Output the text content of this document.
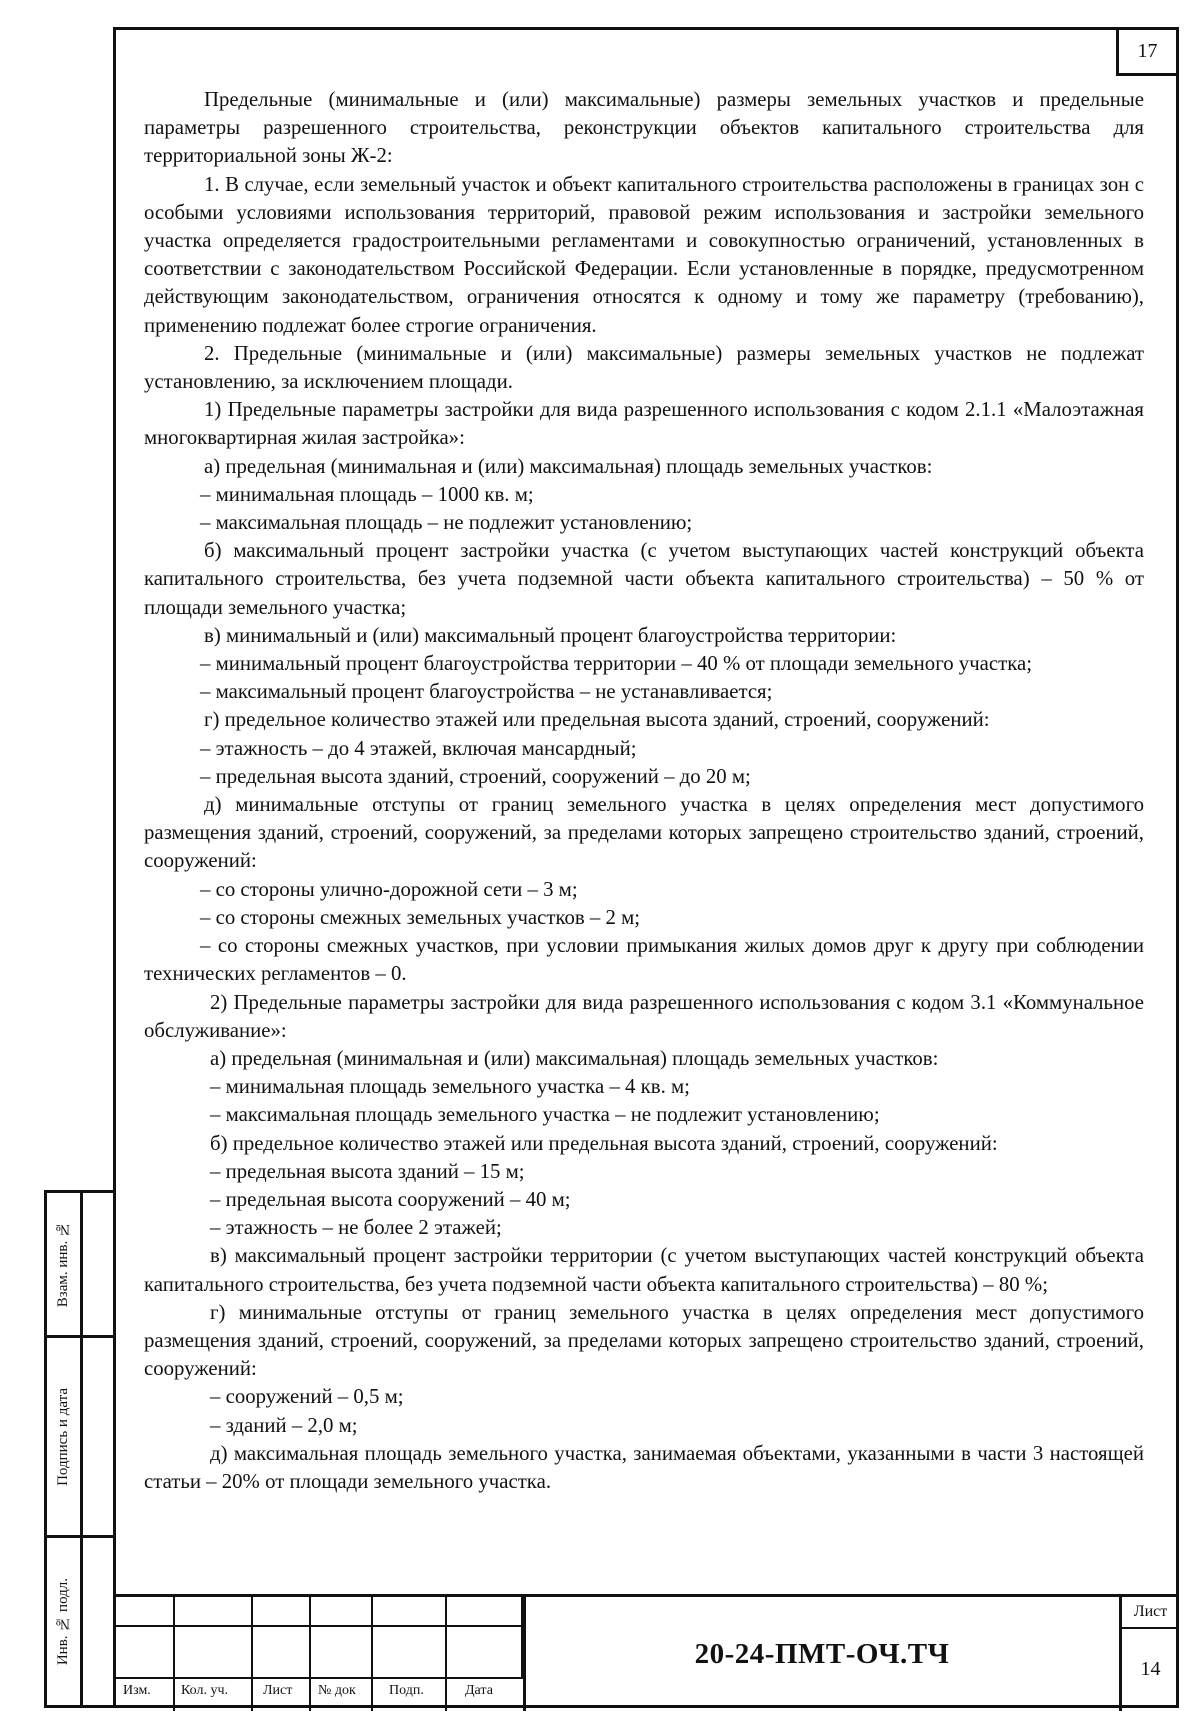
17

Предельные (минимальные и (или) максимальные) размеры земельных участков и предельные параметры разрешенного строительства, реконструкции объектов капитального строительства для территориальной зоны Ж-2:

1. В случае, если земельный участок и объект капитального строительства расположены в границах зон с особыми условиями использования территорий, правовой режим использования и застройки земельного участка определяется градостроительными регламентами и совокупностью ограничений, установленных в соответствии с законодательством Российской Федерации. Если установленные в порядке, предусмотренном действующим законодательством, ограничения относятся к одному и тому же параметру (требованию), применению подлежат более строгие ограничения.

2. Предельные (минимальные и (или) максимальные) размеры земельных участков не подлежат установлению, за исключением площади.

1) Предельные параметры застройки для вида разрешенного использования с кодом 2.1.1 «Малоэтажная многоквартирная жилая застройка»:

а) предельная (минимальная и (или) максимальная) площадь земельных участков:

– минимальная площадь – 1000 кв. м;

– максимальная площадь – не подлежит установлению;

б) максимальный процент застройки участка (с учетом выступающих частей конструкций объекта капитального строительства, без учета подземной части объекта капитального строительства) – 50 % от площади земельного участка;

в) минимальный и (или) максимальный процент благоустройства территории:

– минимальный процент благоустройства территории – 40 % от площади земельного участка;

– максимальный процент благоустройства – не устанавливается;

г) предельное количество этажей или предельная высота зданий, строений, сооружений:

– этажность – до 4 этажей, включая мансардный;

– предельная высота зданий, строений, сооружений – до 20 м;

д) минимальные отступы от границ земельного участка в целях определения мест допустимого размещения зданий, строений, сооружений, за пределами которых запрещено строительство зданий, строений, сооружений:

– со стороны улично-дорожной сети – 3 м;

– со стороны смежных земельных участков – 2 м;

– со стороны смежных участков, при условии примыкания жилых домов друг к другу при соблюдении технических регламентов – 0.

2) Предельные параметры застройки для вида разрешенного использования с кодом 3.1 «Коммунальное обслуживание»:

а) предельная (минимальная и (или) максимальная) площадь земельных участков:

– минимальная площадь земельного участка – 4 кв. м;

– максимальная площадь земельного участка – не подлежит установлению;

б) предельное количество этажей или предельная высота зданий, строений, сооружений:

– предельная высота зданий – 15 м;

– предельная высота сооружений – 40 м;

– этажность – не более 2 этажей;

в) максимальный процент застройки территории (с учетом выступающих частей конструкций объекта капитального строительства, без учета подземной части объекта капитального строительства) – 80 %;

г) минимальные отступы от границ земельного участка в целях определения мест допустимого размещения зданий, строений, сооружений, за пределами которых запрещено строительство зданий, строений, сооружений:

– сооружений – 0,5 м;

– зданий – 2,0 м;

д) максимальная площадь земельного участка, занимаемая объектами, указанными в части 3 настоящей статьи – 20% от площади земельного участка.

Взам. инв. №
Подпись и дата
Инв. № подл.
Изм. Кол. уч.	Лист № док Подп.	Дата
20-24-ПМТ-ОЧ.ТЧ
Лист
14
